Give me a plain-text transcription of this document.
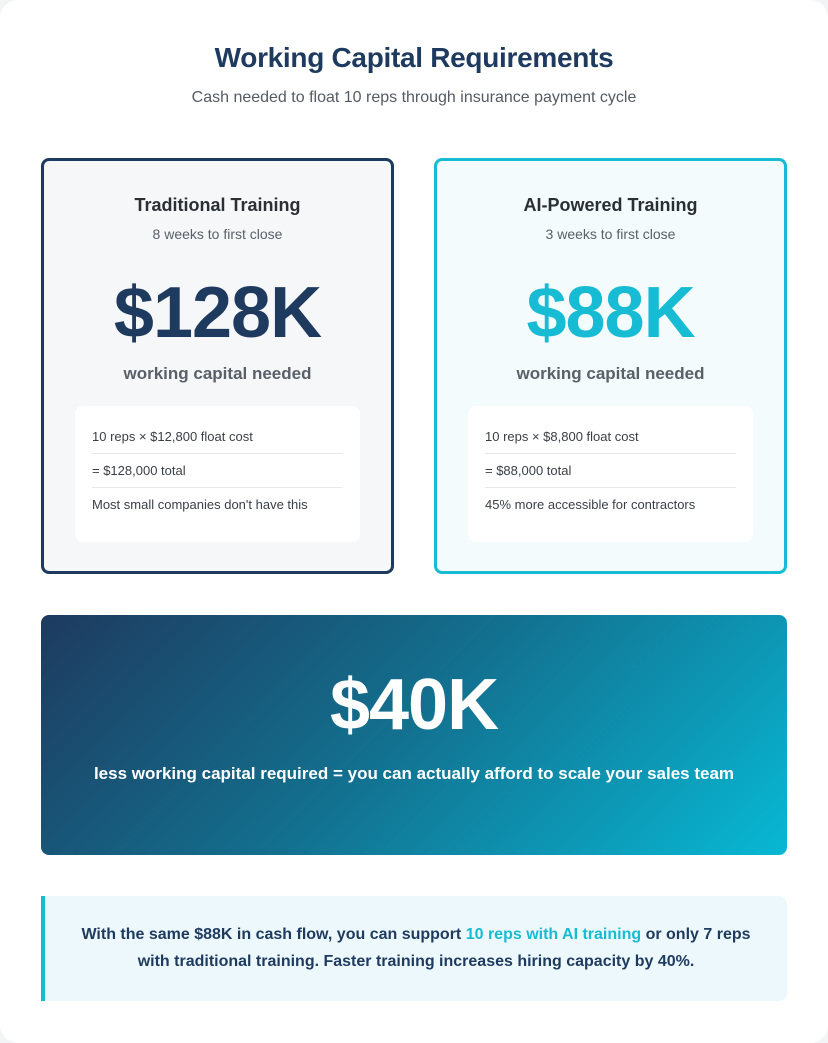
Working Capital Requirements
Cash needed to float 10 reps through insurance payment cycle
Traditional Training
8 weeks to first close
$128K
working capital needed
10 reps × $12,800 float cost
= $128,000 total
Most small companies don't have this
AI-Powered Training
3 weeks to first close
$88K
working capital needed
10 reps × $8,800 float cost
= $88,000 total
45% more accessible for contractors
$40K
less working capital required = you can actually afford to scale your sales team
With the same $88K in cash flow, you can support 10 reps with AI training or only 7 reps with traditional training. Faster training increases hiring capacity by 40%.
